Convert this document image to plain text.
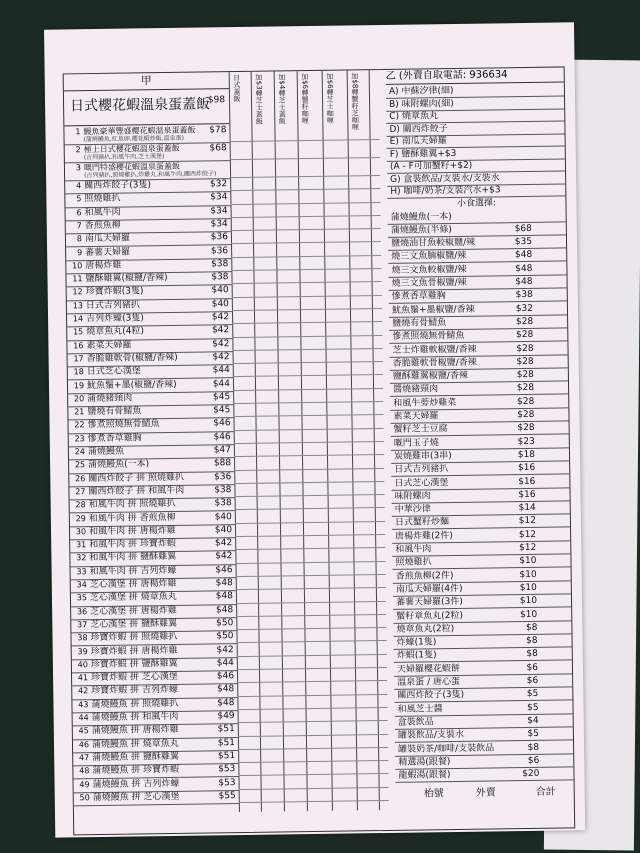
甲
日式櫻花蝦溫泉蛋蓋飯
$98 日式蓋飯 加$3轉芝士蓋飯 加$4轉芝士蓋飯 加$6轉蟹籽咖喱 加$6轉芝士咖喱 加$8轉蟹籽芝咖喱
1 鰻魚豪華豐盛櫻花蝦溫泉蛋蓋飯 $78
(蒲燒鰻魚,紅魚卵,櫻花蝦炒飯,溫泉蛋)
2 極上日式櫻花蝦溫泉蛋蓋飯	$68
(吉列豬扒,和風牛肉,芝士漢堡)
3 嘅門特盛櫻花蝦溫泉蛋蓋飯
(吉列豬扒,照燒雞扒,炸雞丸,和風牛肉,關西炸餃子)
4 關西炸餃子(3隻)	$32
5 照燒雞扒	$34
6 和風牛肉	$34
7 香煎魚柳	$34
8 南瓜天婦羅	$36
9 蕃薯天婦羅	$36
10 唐楊炸雞	$38
11 鹽酥雞翼(椒鹽/香辣)	$38
12 珍寶炸蝦(3隻)	$40
13 日式吉列豬扒	$40
14 吉列炸蠔(3隻)	$42
15 燒章魚丸(4粒)	$42
16 素菜天婦羅	$42
17 香脆雞軟骨(椒鹽/香辣)	$42
18 日式芝心漢堡	$44
19 魷魚鬚+墨(椒鹽/香辣)	$44
20 蒲燒豬頸肉	$45
21 鹽燒有骨鯖魚	$45
22 慘煮照燒無骨鯖魚	$46
23 慘煮香草雞胸	$46
24 蒲燒鰻魚	$47
25 蒲燒鰻魚(一本)	$88
26 關西炸餃子 拼 照燒雞扒	$36
27 關西炸餃子 拼 和風牛肉	$38
28 和風牛肉 拼 照燒雞扒	$38
29 和風牛肉 拼 香煎魚柳	$40
30 和風牛肉 拼 唐楊炸雞	$40
31 和風牛肉 拼 珍寶炸蝦	$42
32 和風牛肉 拼 鹽酥雞翼	$42
33 和風牛肉 拼 吉列炸蠔	$46
34 芝心漢堡 拼 唐楊炸雞	$48
35 芝心漢堡 拼 燒章魚丸	$48
36 芝心漢堡 拼 唐楊炸雞	$48
37 芝心漢堡 拼 鹽酥雞翼	$50
38 珍寶炸蝦 拼 照燒雞扒	$50
39 珍寶炸蝦 拼 唐楊炸雞	$42
40 珍寶炸蝦 拼 鹽酥雞翼	$44
41 珍寶炸蝦 拼 芝心漢堡	$46
42 珍寶炸蝦 拼 吉列炸蠔	$48
43 蒲燒鰻魚 拼 照燒雞扒	$48
44 蒲燒鰻魚 拼 和風牛肉	$49
45 蒲燒鰻魚 拼 唐楊炸雞	$51
46 蒲燒鰻魚 拼 燒章魚丸	$51
47 蒲燒鰻魚 拼 鹽酥雞翼	$51
48 蒲燒鰻魚 拼 珍寶炸蝦	$53
49 蒲燒鰻魚 拼 吉列炸蠔	$53
50 蒲燒鰻魚 拼 芝心漢堡	$55
乙 (外賣自取電話: 936634
A) 中蘇汐律(細)
B) 味附螺肉(細)
C) 燒章魚丸
D) 關西炸餃子
E) 南瓜天婦羅
F) 鹽酥雞翼+$3
(A - F可加蟹籽+$2)
G) 盒裝飲品/支裝水/支裝水
H) 咖啡/奶茶/支裝汽水+$3
小食選擇:
蒲燒鰻魚(一本)
蒲燒鰻魚(半條)	$68
鹽燒油甘魚較椒鹽/辣	$35
燒三文魚腩椒鹽/辣	$48
燒三文魚較椒鹽/辣	$48
燒三文魚骨椒鹽/辣	$48
慘煮香草雞胸	$38
魷魚鬚+墨椒鹽/香辣	$32
鹽燒有骨鯖魚	$28
慘煮照燒無骨鯖魚	$28
芝士炸雞軟椒鹽/香辣	$28
香脆雞軟骨椒鹽/香辣	$28
鹽酥雞翼椒鹽/香辣	$28
醬燒豬頸肉	$28
和風牛蒡炒雞菜	$28
素菜天婦羅	$28
蟹籽芝士豆腐	$28
嘅門玉子燒	$23
炭燒雞串(3串)	$18
日式吉列豬扒	$16
日式芝心漢堡	$16
味附螺肉	$16
中華沙律	$14
日式蟹籽炒麵	$12
唐楊炸雞(2件)	$12
和風牛肉	$12
照燒雞扒	$10
香煎魚柳(2件)	$10
南瓜天婦羅(4件)	$10
蕃薯天婦羅(3件)	$10
蟹籽章魚丸(2粒)	$10
燒章魚丸(2粒)	$8
炸蠔(1隻)	$8
炸蝦(1隻)	$8
天婦羅櫻花蝦餅	$6
溫泉蛋 / 唐心蛋	$6
關西炸餃子(3隻)	$5
和風芝士醬	$5
盒裝飲品	$4
罐裝飲品/支裝水	$5
罐裝奶茶/咖啡/支裝飲品	$8
精選湯(跟餐)	$6
龍蝦湯(跟餐)	$20
枱號	外賣	合計
